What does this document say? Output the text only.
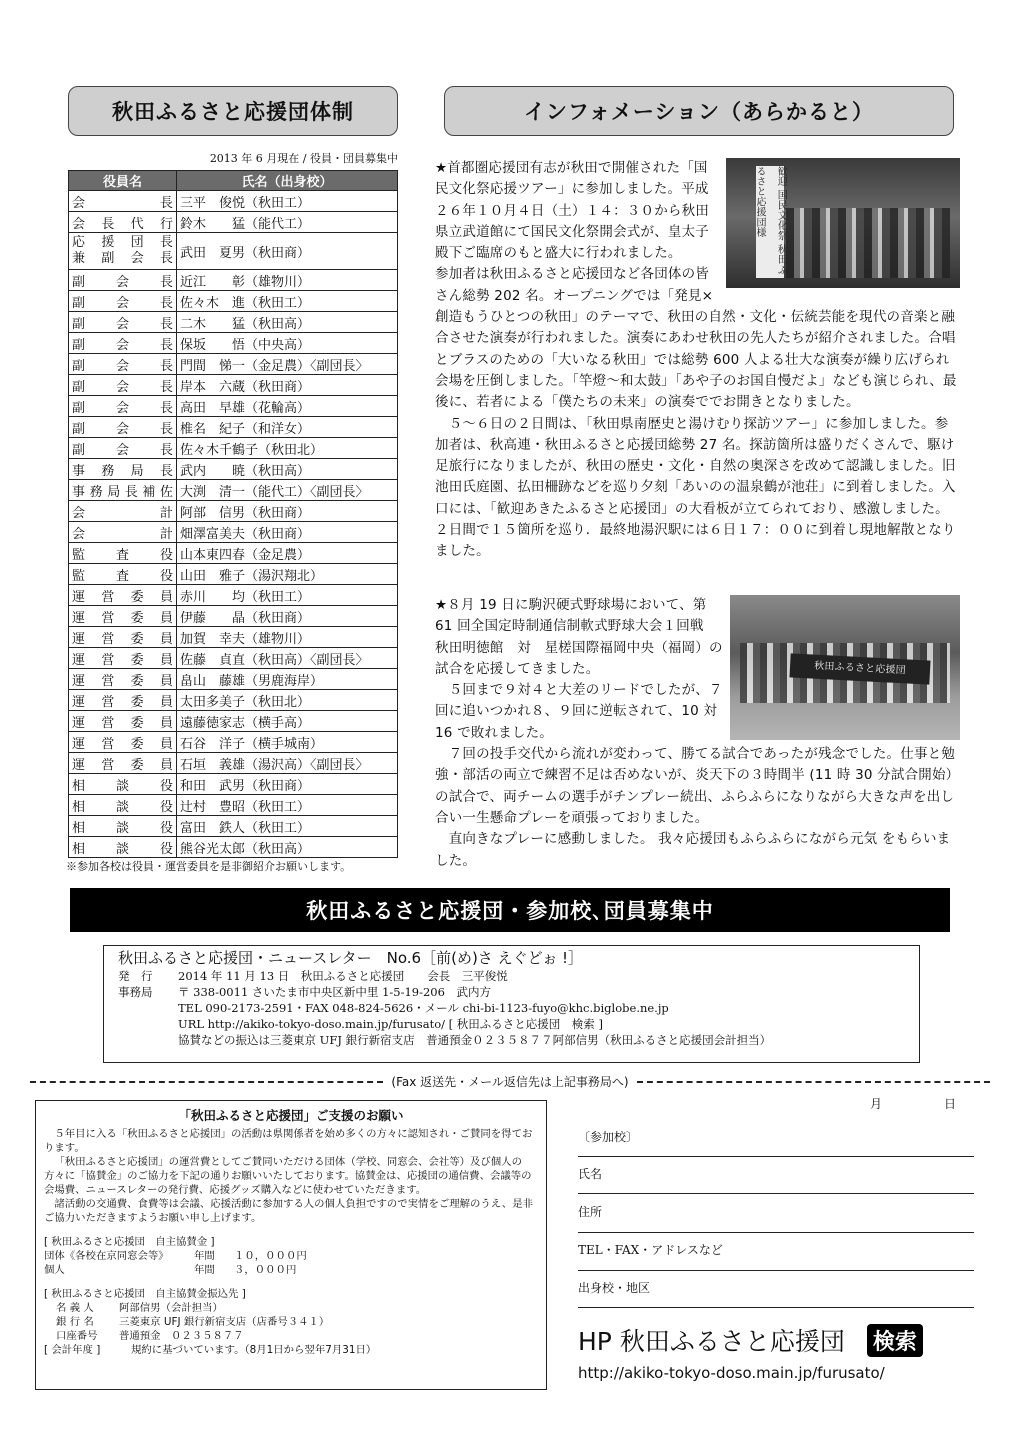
秋田ふるさと応援団体制	インフォメーション（あらかると）
2013 年 6 月現在 / 役員・団員募集中
役員名	氏名（出身校）

会長	三平　俊悦（秋田工）

会長代行	鈴木　　猛（能代工）

応援団長
兼副会長	武田　夏男（秋田商）

副会長	近江　　彰（雄物川）

副会長	佐々木　進（秋田工）

副会長	二木　　猛（秋田高）

副会長	保坂　　悟（中央高）

副会長	門間　悌一（金足農）〈副団長〉

副会長	岸本　六蔵（秋田商）

副会長	高田　早雄（花輪高）

副会長	椎名　紀子（和洋女）

副会長	佐々木千鶴子（秋田北）

事務局長	武内　　暁（秋田高）

事務局長補佐	大渕　清一（能代工）〈副団長〉

会計	阿部　信男（秋田商）

会計	畑澤富美夫（秋田商）

監査役	山本東四春（金足農）

監査役	山田　雅子（湯沢翔北）

運営委員	赤川　　均（秋田工）

運営委員	伊藤　　晶（秋田商）

運営委員	加賀　幸夫（雄物川）

運営委員	佐藤　貞直（秋田高）〈副団長〉

運営委員	畠山　藤雄（男鹿海岸）

運営委員	太田多美子（秋田北）

運営委員	遠藤徳家志（横手高）

運営委員	石谷　洋子（横手城南）

運営委員	石垣　義雄（湯沢高）〈副団長〉

相談役	和田　武男（秋田商）

相談役	辻村　豊昭（秋田工）

相談役	富田　鉄人（秋田工）

相談役	熊谷光太郎（秋田高）
※参加各校は役員・運営委員を是非御紹介お願いします。
歓迎 国民文化祭 秋田ふるさと応援団様

★首都圏応援団有志が秋田で開催された「国民文化祭応援ツアー」に参加しました。平成２６年１０月４日（土）１４：３０から秋田県立武道館にて国民文化祭開会式が、皇太子殿下ご臨席のもと盛大に行われました。

参加者は秋田ふるさと応援団など各団体の皆さん総勢 202 名。オープニングでは「発見×創造もうひとつの秋田」のテーマで、秋田の自然・文化・伝統芸能を現代の音楽と融合させた演奏が行われました。演奏にあわせ秋田の先人たちが紹介されました。合唱とブラスのための「大いなる秋田」では総勢 600 人よる壮大な演奏が繰り広げられ会場を圧倒しました。「竿燈〜和太鼓」「あや子のお国自慢だよ」なども演じられ、最後に、若者による「僕たちの未来」の演奏ででお開きとなりました。

　５〜６日の２日間は、「秋田県南歴史と湯けむり探訪ツアー」に参加しました。参加者は、秋高連・秋田ふるさと応援団総勢 27 名。探訪箇所は盛りだくさんで、駆け足旅行になりましたが、秋田の歴史・文化・自然の奥深さを改めて認識しました。旧池田氏庭園、払田柵跡などを巡り夕刻「あいのの温泉鶴が池荘」に到着しました。入口には、「歓迎あきたふるさと応援団」の大看板が立てられており、感激しました。２日間で１５箇所を巡り．最終地湯沢駅には６日１７：００に到着し現地解散となりました。

秋田ふるさと応援団

★８月 19 日に駒沢硬式野球場において、第 61 回全国定時制通信制軟式野球大会１回戦　秋田明徳館　対　星槎国際福岡中央（福岡）の試合を応援してきました。

　５回まで９対４と大差のリードでしたが、７回に追いつかれ８、９回に逆転されて、10 対 16 で敗れました。

　７回の投手交代から流れが変わって、勝てる試合であったが残念でした。仕事と勉強・部活の両立で練習不足は否めないが、炎天下の３時間半 (11 時 30 分試合開始）の試合で、両チームの選手がチンプレー続出、ふらふらになりながら大きな声を出し合い一生懸命プレーを頑張っておりました。

　直向きなプレーに感動しました。 我々応援団もふらふらにながら元気 をもらいました。

秋田ふるさと応援団・参加校､団員募集中
秋田ふるさと応援団・ニュースレター　No.6［前(め)さ えぐどぉ !］
発　行	2014 年 11 月 13 日　秋田ふるさと応援団　　会長　三平俊悦
事務局	〒 338-0011 さいたま市中央区新中里 1-5-19-206　武内方
TEL 090-2173-2591・FAX 048-824-5626・メール chi-bi-1123-fuyo@khc.biglobe.ne.jp
URL http://akiko-tokyo-doso.main.jp/furusato/ [ 秋田ふるさと応援団　検索 ]
協賛などの振込は三菱東京 UFJ 銀行新宿支店　普通預金０２３５８７７阿部信男（秋田ふるさと応援団会計担当）
(Fax 返送先・メール返信先は上記事務局へ)
「秋田ふるさと応援団」ご支援のお願い
５年目に入る「秋田ふるさと応援団」の活動は県関係者を始め多くの方々に認知され・ご賛同を得ております。
「秋田ふるさと応援団」の運営費としてご賛同いただける団体（学校、同窓会、会社等）及び個人の方々に「協賛金」のご協力を下記の通りお願いいたしております。協賛金は、応援団の通信費、会議等の会場費、ニュースレターの発行費、応援グッズ購入などに使わせていただきます。
諸活動の交通費、食費等は会議、応援活動に参加する人の個人負担ですので実情をご理解のうえ、是非ご協力いただきますようお願い申し上げます。
[ 秋田ふるさと応援団　自主協賛金 ]
団体《各校在京同窓会等》	年間	１０，０００円
個人	年間	３，０００円
[ 秋田ふるさと応援団　自主協賛金振込先 ]
名 義 人	阿部信男（会計担当）
銀 行 名	三菱東京 UFJ 銀行新宿支店（店番号３４１）
口座番号	普通預金　０２３５８７７
[ 会計年度 ]	規約に基づいています。（8月1日から翌年7月31日）
月	日
〔参加校〕
氏名
住所
TEL・FAX・アドレスなど
出身校・地区
HP 秋田ふるさと応援団 検索
http://akiko-tokyo-doso.main.jp/furusato/
